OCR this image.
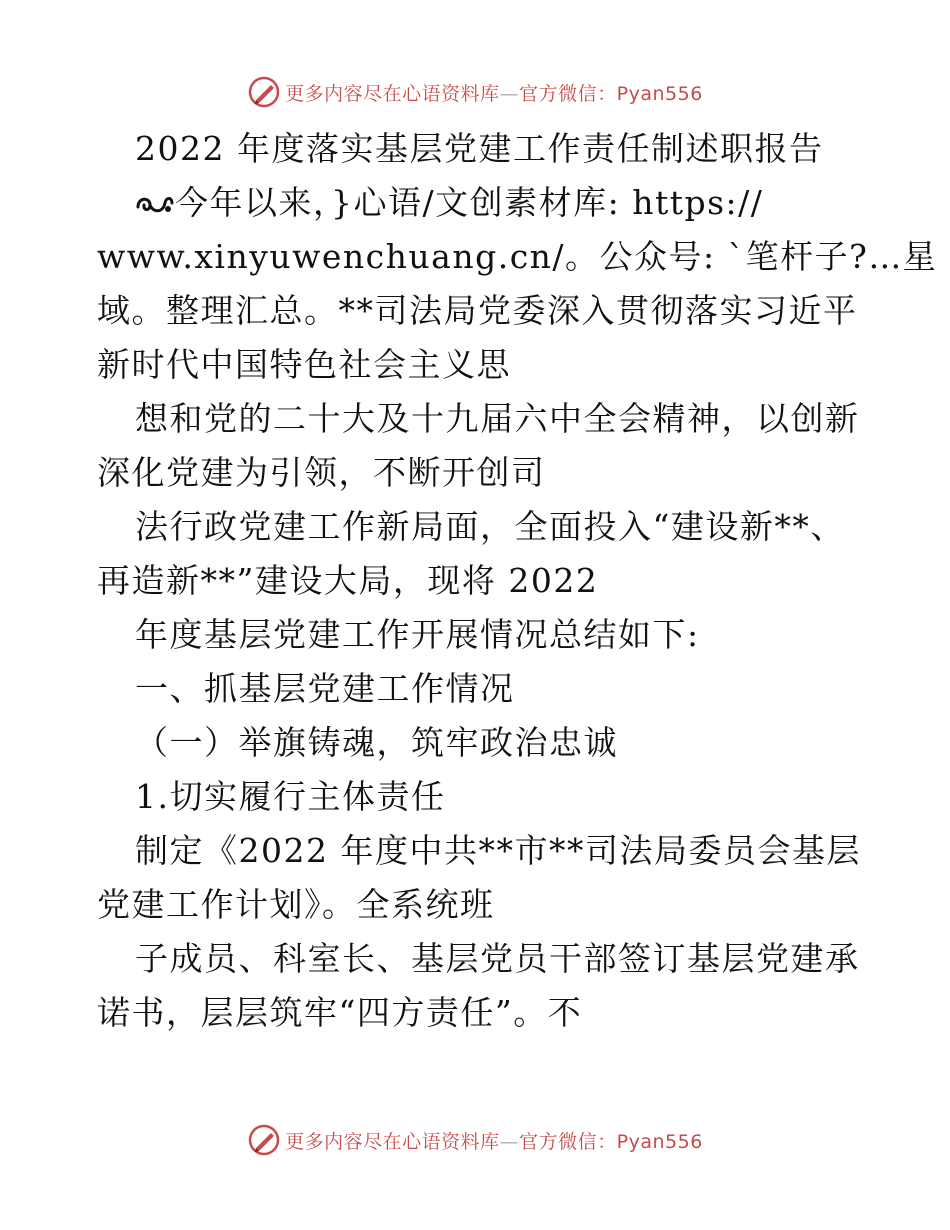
更多内容尽在心语资料库—官方微信：Pyan556
2022 年度落实基层党建工作责任制述职报告
今年以来，}心语/文创素材库: https://
www.xinyuwenchuang.cn/。公众号: `笔杆子?…星
域。整理汇总。**司法局党委深入贯彻落实习近平
新时代中国特色社会主义思
想和党的二十大及十九届六中全会精神，以创新
深化党建为引领，不断开创司
法行政党建工作新局面，全面投入“建设新**、
再造新**”建设大局，现将 2022
年度基层党建工作开展情况总结如下:
一、抓基层党建工作情况
（一）举旗铸魂，筑牢政治忠诚
1.切实履行主体责任
制定《2022 年度中共**市**司法局委员会基层
党建工作计划》。全系统班
子成员、科室长、基层党员干部签订基层党建承
诺书，层层筑牢“四方责任”。不
更多内容尽在心语资料库—官方微信：Pyan556
